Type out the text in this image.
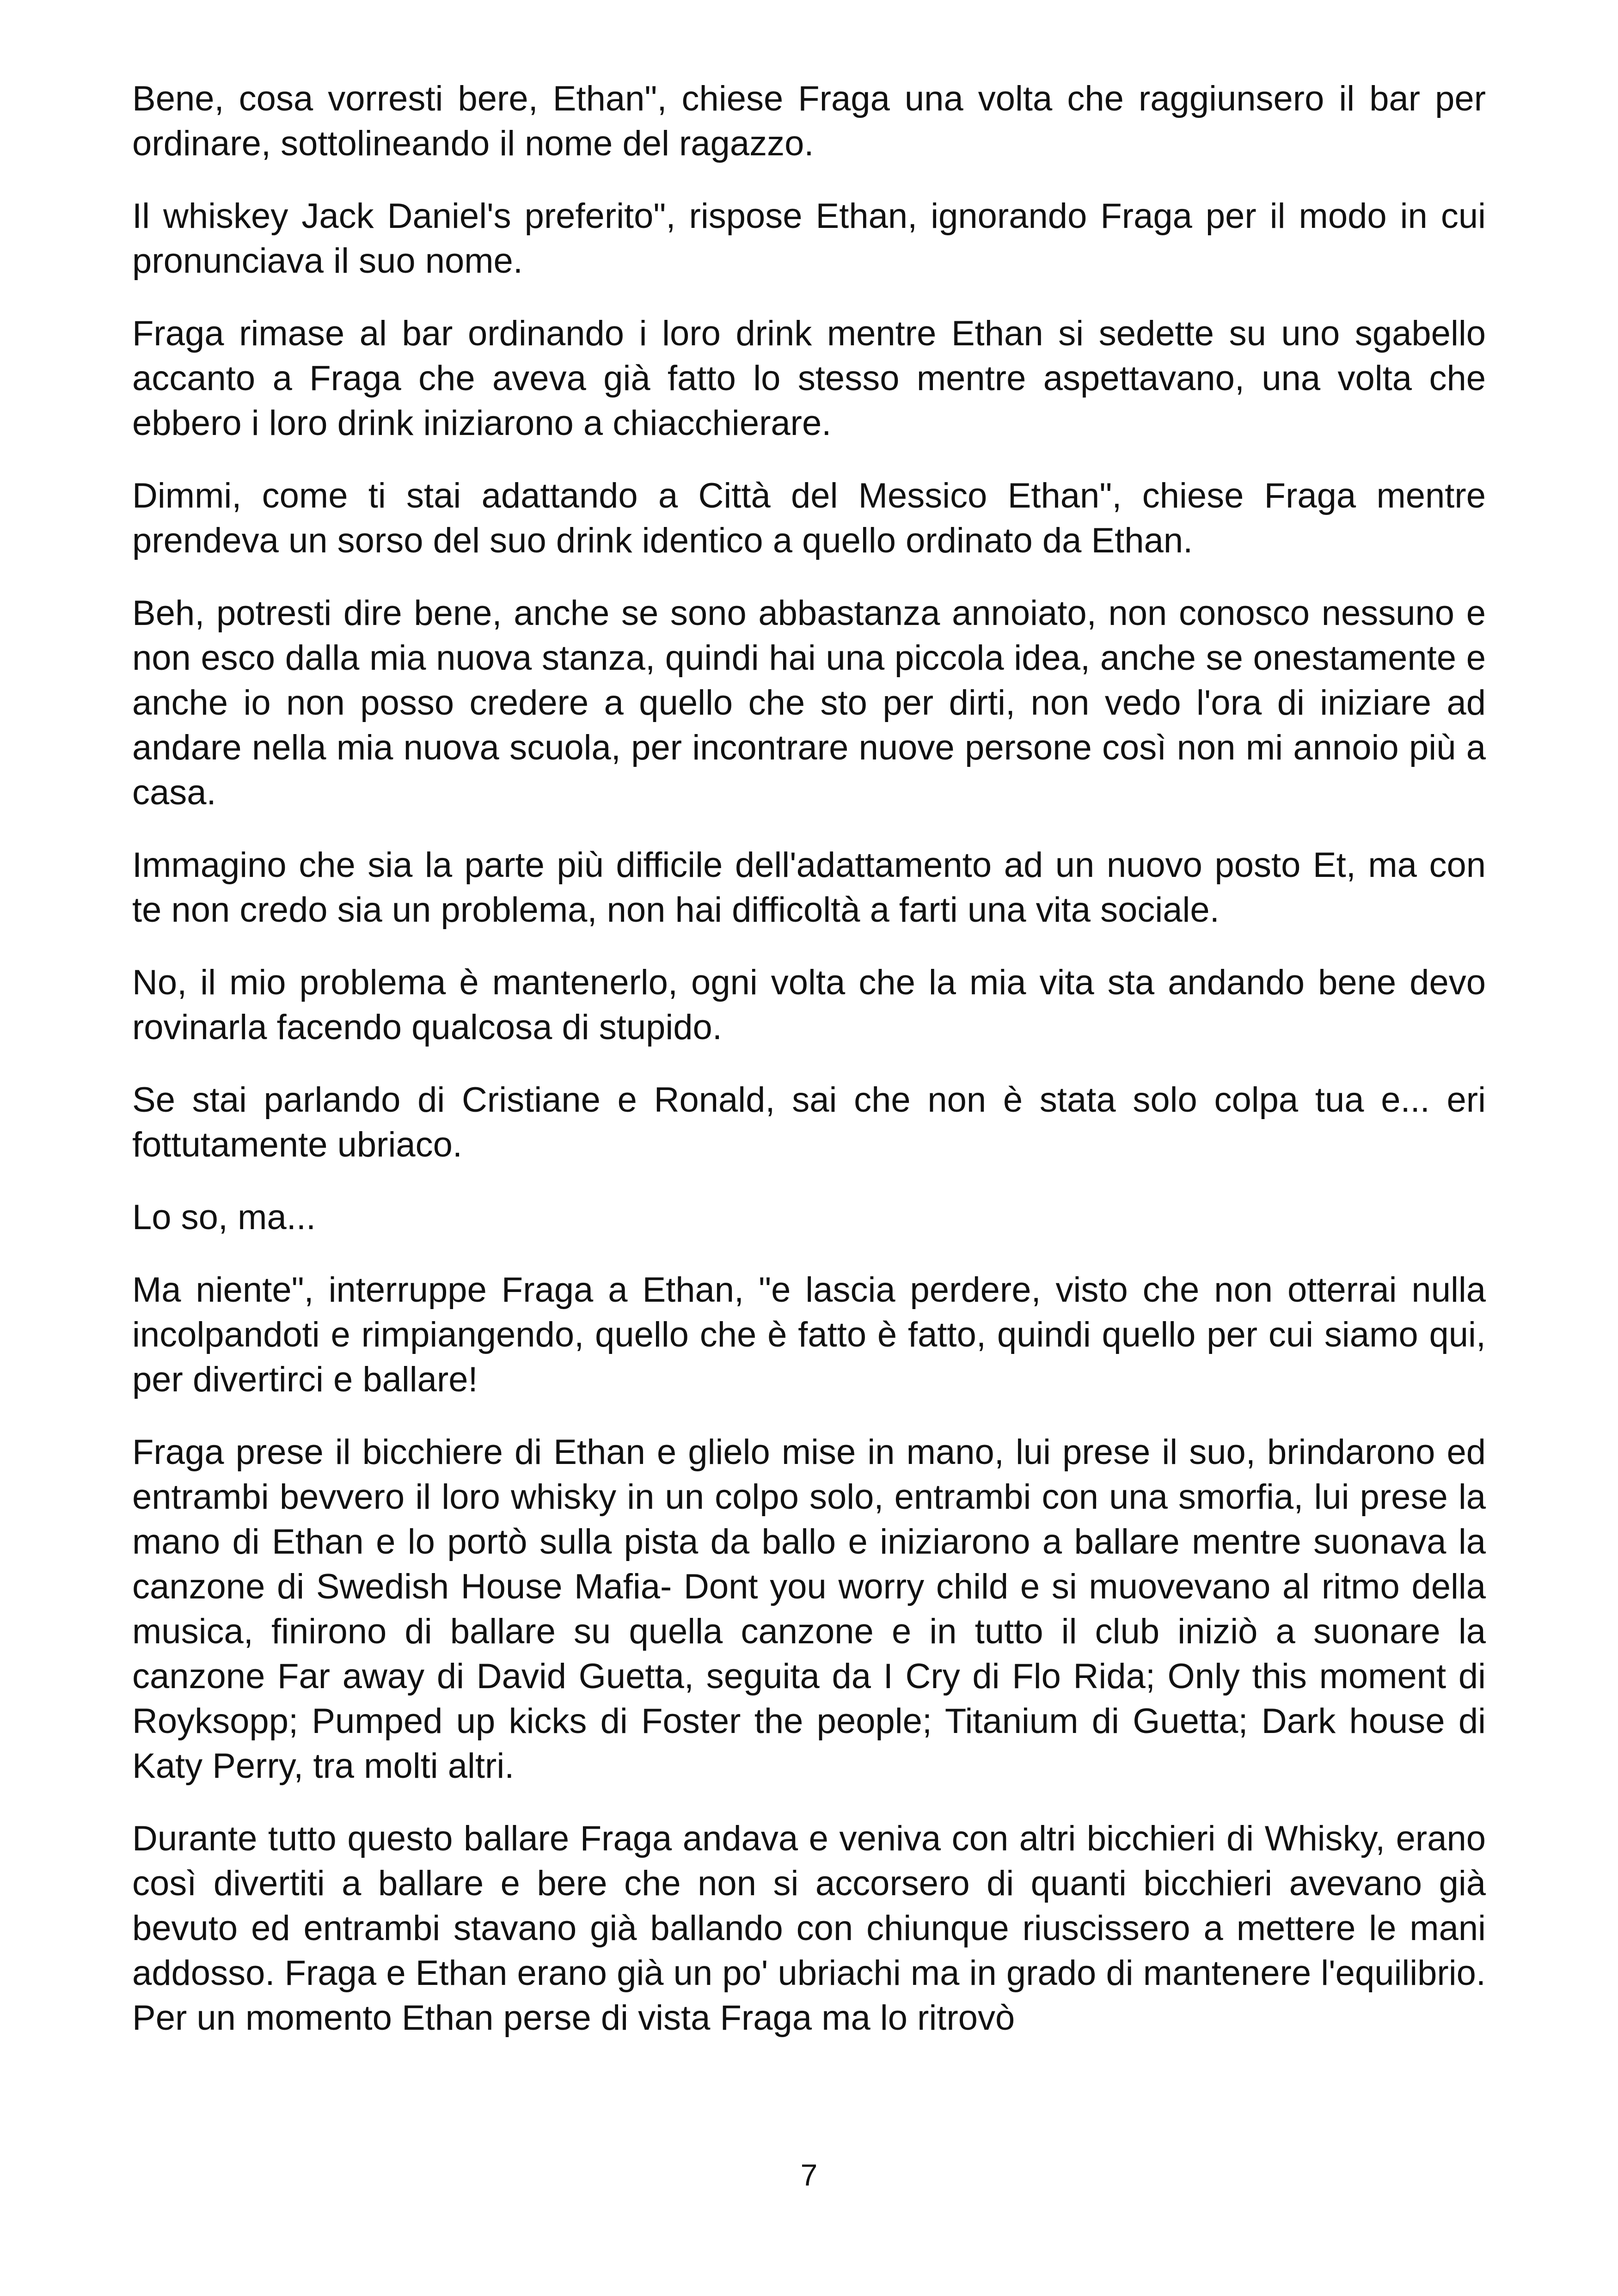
Bene, cosa vorresti bere, Ethan", chiese Fraga una volta che raggiunsero il bar per ordinare, sottolineando il nome del ragazzo.

Il whiskey Jack Daniel's preferito", rispose Ethan, ignorando Fraga per il modo in cui pronunciava il suo nome.

Fraga rimase al bar ordinando i loro drink mentre Ethan si sedette su uno sgabello accanto a Fraga che aveva già fatto lo stesso mentre aspettavano, una volta che ebbero i loro drink iniziarono a chiacchierare.

Dimmi, come ti stai adattando a Città del Messico Ethan", chiese Fraga mentre prendeva un sorso del suo drink identico a quello ordinato da Ethan.

Beh, potresti dire bene, anche se sono abbastanza annoiato, non conosco nessuno e non esco dalla mia nuova stanza, quindi hai una piccola idea, anche se onestamente e anche io non posso credere a quello che sto per dirti, non vedo l'ora di iniziare ad andare nella mia nuova scuola, per incontrare nuove persone così non mi annoio più a casa.

Immagino che sia la parte più difficile dell'adattamento ad un nuovo posto Et, ma con te non credo sia un problema, non hai difficoltà a farti una vita sociale.

No, il mio problema è mantenerlo, ogni volta che la mia vita sta andando bene devo rovinarla facendo qualcosa di stupido.

Se stai parlando di Cristiane e Ronald, sai che non è stata solo colpa tua e... eri fottutamente ubriaco.

Lo so, ma...

Ma niente", interruppe Fraga a Ethan, "e lascia perdere, visto che non otterrai nulla incolpandoti e rimpiangendo, quello che è fatto è fatto, quindi quello per cui siamo qui, per divertirci e ballare!

Fraga prese il bicchiere di Ethan e glielo mise in mano, lui prese il suo, brindarono ed entrambi bevvero il loro whisky in un colpo solo, entrambi con una smorfia, lui prese la mano di Ethan e lo portò sulla pista da ballo e iniziarono a ballare mentre suonava la canzone di Swedish House Mafia- Dont you worry child e si muovevano al ritmo della musica, finirono di ballare su quella canzone e in tutto il club iniziò a suonare la canzone Far away di David Guetta, seguita da I Cry di Flo Rida; Only this moment di Royksopp; Pumped up kicks di Foster the people; Titanium di Guetta; Dark house di Katy Perry, tra molti altri.

Durante tutto questo ballare Fraga andava e veniva con altri bicchieri di Whisky, erano così divertiti a ballare e bere che non si accorsero di quanti bicchieri avevano già bevuto ed entrambi stavano già ballando con chiunque riuscissero a mettere le mani addosso. Fraga e Ethan erano già un po' ubriachi ma in grado di mantenere l'equilibrio. Per un momento Ethan perse di vista Fraga ma lo ritrovò

7
